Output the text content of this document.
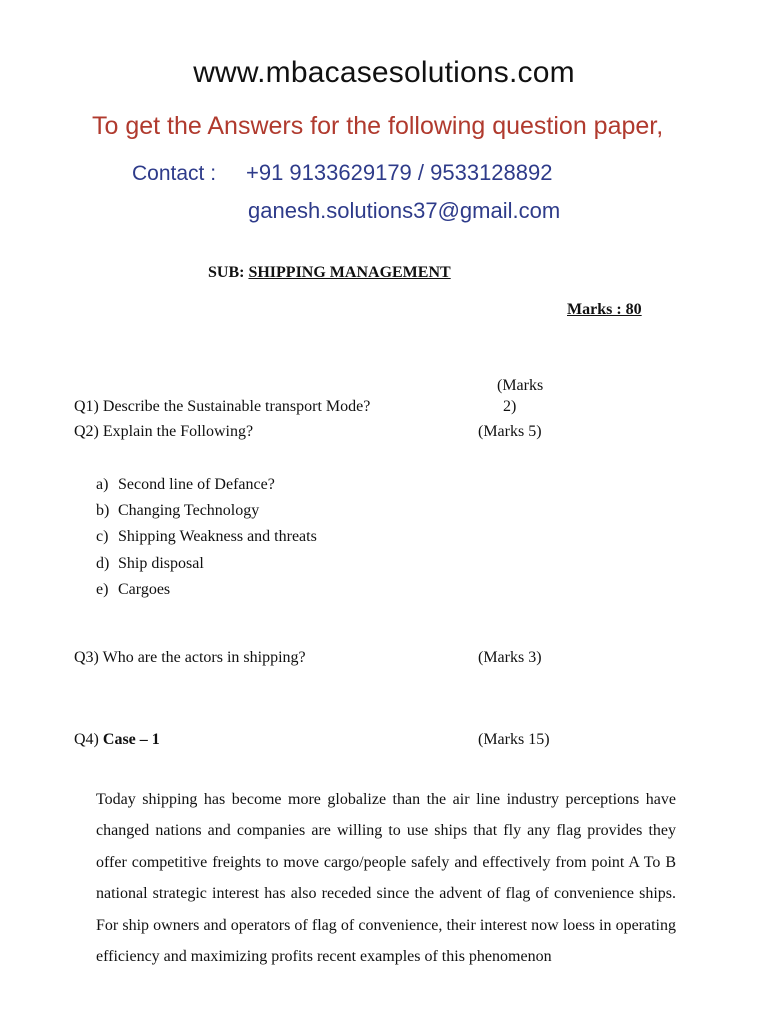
www.mbacasesolutions.com
To get the Answers for the following question paper,
Contact : +91 9133629179 / 9533128892
ganesh.solutions37@gmail.com
SUB: SHIPPING MANAGEMENT
Marks : 80
(Marks
Q1) Describe the Sustainable transport Mode?	2)
Q2) Explain the Following?	(Marks 5)
a) Second line of Defance?
b) Changing Technology
c) Shipping Weakness and threats
d) Ship disposal
e) Cargoes
Q3) Who are the actors in shipping?	(Marks 3)
Q4) Case – 1	(Marks 15)
Today shipping has become more globalize than the air line industry perceptions have changed nations and companies are willing to use ships that fly any flag provides they offer competitive freights to move cargo/people safely and effectively from point A To B national strategic interest has also receded since the advent of flag of convenience ships. For ship owners and operators of flag of convenience, their interest now loess in operating efficiency and maximizing profits recent examples of this phenomenon
